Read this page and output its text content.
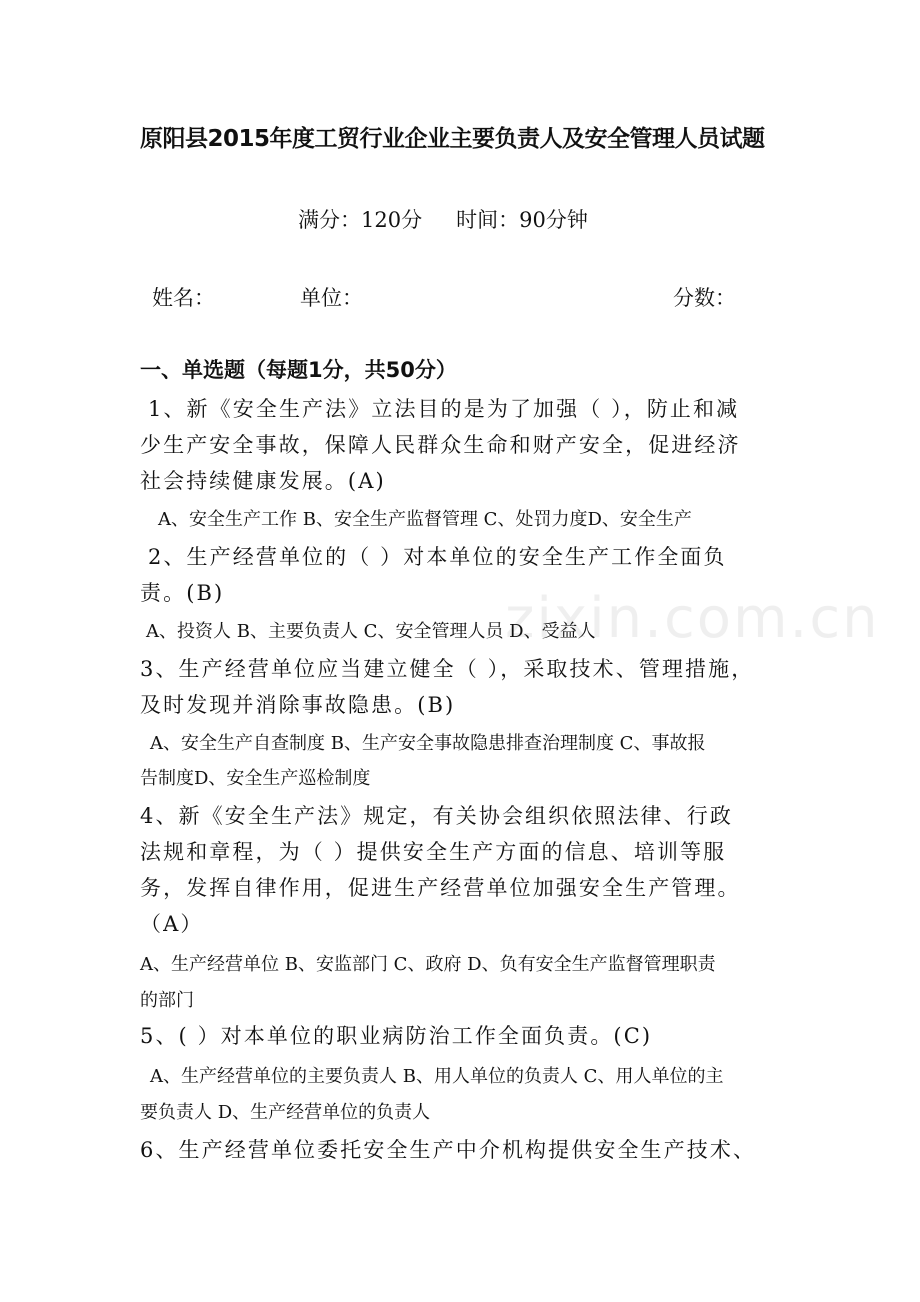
zixin.com.cn
原阳县2015年度工贸行业企业主要负责人及安全管理人员试题
满分：120分 时间：90分钟
姓名：	单位：	分数：
一、单选题（每题1分，共50分）
1、新《安全生产法》立法目的是为了加强（ ），防止和减
少生产安全事故，保障人民群众生命和财产安全，促进经济
社会持续健康发展。(A)
A、安全生产工作 B、安全生产监督管理 C、处罚力度D、安全生产
2、生产经营单位的（ ）对本单位的安全生产工作全面负
责。(B)
A、投资人 B、主要负责人 C、安全管理人员 D、受益人
3、生产经营单位应当建立健全（ ），采取技术、管理措施，
及时发现并消除事故隐患。(B)
A、安全生产自查制度 B、生产安全事故隐患排查治理制度 C、事故报
告制度D、安全生产巡检制度
4、新《安全生产法》规定，有关协会组织依照法律、行政
法规和章程，为（ ）提供安全生产方面的信息、培训等服
务，发挥自律作用，促进生产经营单位加强安全生产管理。
（A）
A、生产经营单位 B、安监部门 C、政府 D、负有安全生产监督管理职责
的部门
5、( ）对本单位的职业病防治工作全面负责。(C)
A、生产经营单位的主要负责人 B、用人单位的负责人 C、用人单位的主
要负责人 D、生产经营单位的负责人
6、生产经营单位委托安全生产中介机构提供安全生产技术、
